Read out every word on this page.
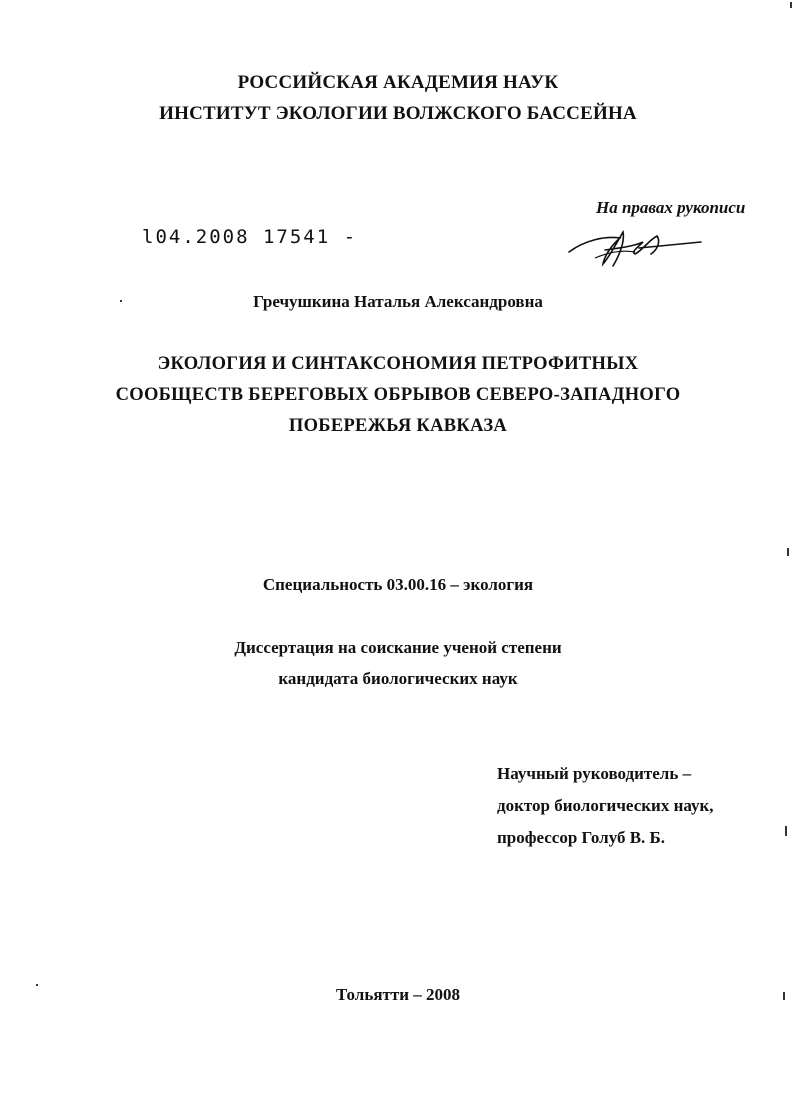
РОССИЙСКАЯ АКАДЕМИЯ НАУК
ИНСТИТУТ ЭКОЛОГИИ ВОЛЖСКОГО БАССЕЙНА
На правах рукописи
l04.2008 17541 -
Гречушкина Наталья Александровна
ЭКОЛОГИЯ И СИНТАКСОНОМИЯ ПЕТРОФИТНЫХ
СООБЩЕСТВ БЕРЕГОВЫХ ОБРЫВОВ СЕВЕРО-ЗАПАДНОГО
ПОБЕРЕЖЬЯ КАВКАЗА
Специальность 03.00.16 – экология
Диссертация на соискание ученой степени
кандидата биологических наук
Научный руководитель –
доктор биологических наук,
профессор Голуб В. Б.
Тольятти – 2008
